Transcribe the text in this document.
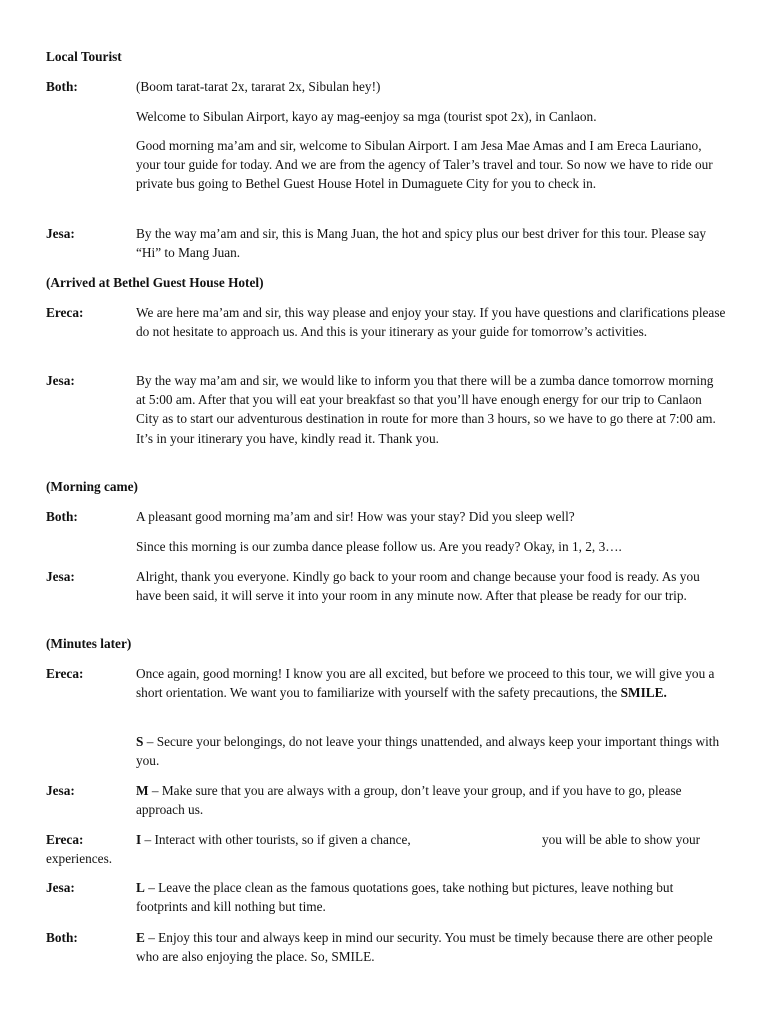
Local Tourist
Both:	(Boom tarat-tarat 2x, tararat 2x, Sibulan hey!)
Welcome to Sibulan Airport, kayo ay mag-eenjoy sa mga (tourist spot 2x), in Canlaon.
Good morning ma’am and sir, welcome to Sibulan Airport. I am Jesa Mae Amas and I am Ereca Lauriano, your tour guide for today. And we are from the agency of Taler’s travel and tour. So now we have to ride our private bus going to Bethel Guest House Hotel in Dumaguete City for you to check in.
Jesa:	By the way ma’am and sir, this is Mang Juan, the hot and spicy plus our best driver for this tour. Please say “Hi” to Mang Juan.
(Arrived at Bethel Guest House Hotel)
Ereca:	We are here ma’am and sir, this way please and enjoy your stay. If you have questions and clarifications please do not hesitate to approach us. And this is your itinerary as your guide for tomorrow’s activities.
Jesa:	By the way ma’am and sir, we would like to inform you that there will be a zumba dance tomorrow morning at 5:00 am. After that you will eat your breakfast so that you’ll have enough energy for our trip to Canlaon City as to start our adventurous destination in route for more than 3 hours, so we have to go there at 7:00 am. It’s in your itinerary you have, kindly read it. Thank you.
(Morning came)
Both:	A pleasant good morning ma’am and sir! How was your stay? Did you sleep well?
Since this morning is our zumba dance please follow us. Are you ready? Okay, in 1, 2, 3….
Jesa:	Alright, thank you everyone. Kindly go back to your room and change because your food is ready. As you have been said, it will serve it into your room in any minute now. After that please be ready for our trip.
(Minutes later)
Ereca:	Once again, good morning! I know you are all excited, but before we proceed to this tour, we will give you a short orientation. We want you to familiarize with yourself with the safety precautions, the SMILE.
S – Secure your belongings, do not leave your things unattended, and always keep your important things with you.
Jesa:	M – Make sure that you are always with a group, don’t leave your group, and if you have to go, please approach us.
Ereca:	I – Interact with other tourists, so if given a chance,	you will be able to show your
experiences.
Jesa:	L – Leave the place clean as the famous quotations goes, take nothing but pictures, leave nothing but footprints and kill nothing but time.
Both:	E – Enjoy this tour and always keep in mind our security. You must be timely because there are other people who are also enjoying the place. So, SMILE.
